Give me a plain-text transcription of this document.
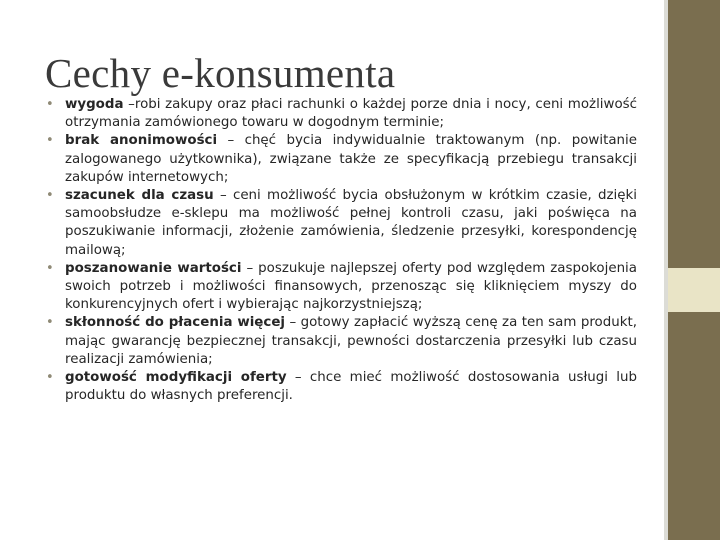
Cechy e-konsumenta
• wygoda –robi zakupy oraz płaci rachunki o każdej porze dnia i nocy, ceni możliwość otrzymania zamówionego towaru w dogodnym terminie;
• brak anonimowości – chęć bycia indywidualnie traktowanym (np. powitanie zalogowanego użytkownika), związane także ze specyfikacją przebiegu transakcji zakupów internetowych;
• szacunek dla czasu – ceni możliwość bycia obsłużonym w krótkim czasie, dzięki samoobsłudze e‑sklepu ma możliwość pełnej kontroli czasu, jaki poświęca na poszukiwanie informacji, złożenie zamówienia, śledzenie przesyłki, korespondencję mailową;
• poszanowanie wartości – poszukuje najlepszej oferty pod względem zaspokojenia swoich potrzeb i możliwości finansowych, przenosząc się kliknięciem myszy do konkurencyjnych ofert i wybierając najkorzystniejszą;
• skłonność do płacenia więcej – gotowy zapłacić wyższą cenę za ten sam produkt, mając gwarancję bezpiecznej transakcji, pewności dostarczenia przesyłki lub czasu realizacji zamówienia;
• gotowość modyfikacji oferty – chce mieć możliwość dostosowania usługi lub produktu do własnych preferencji.
